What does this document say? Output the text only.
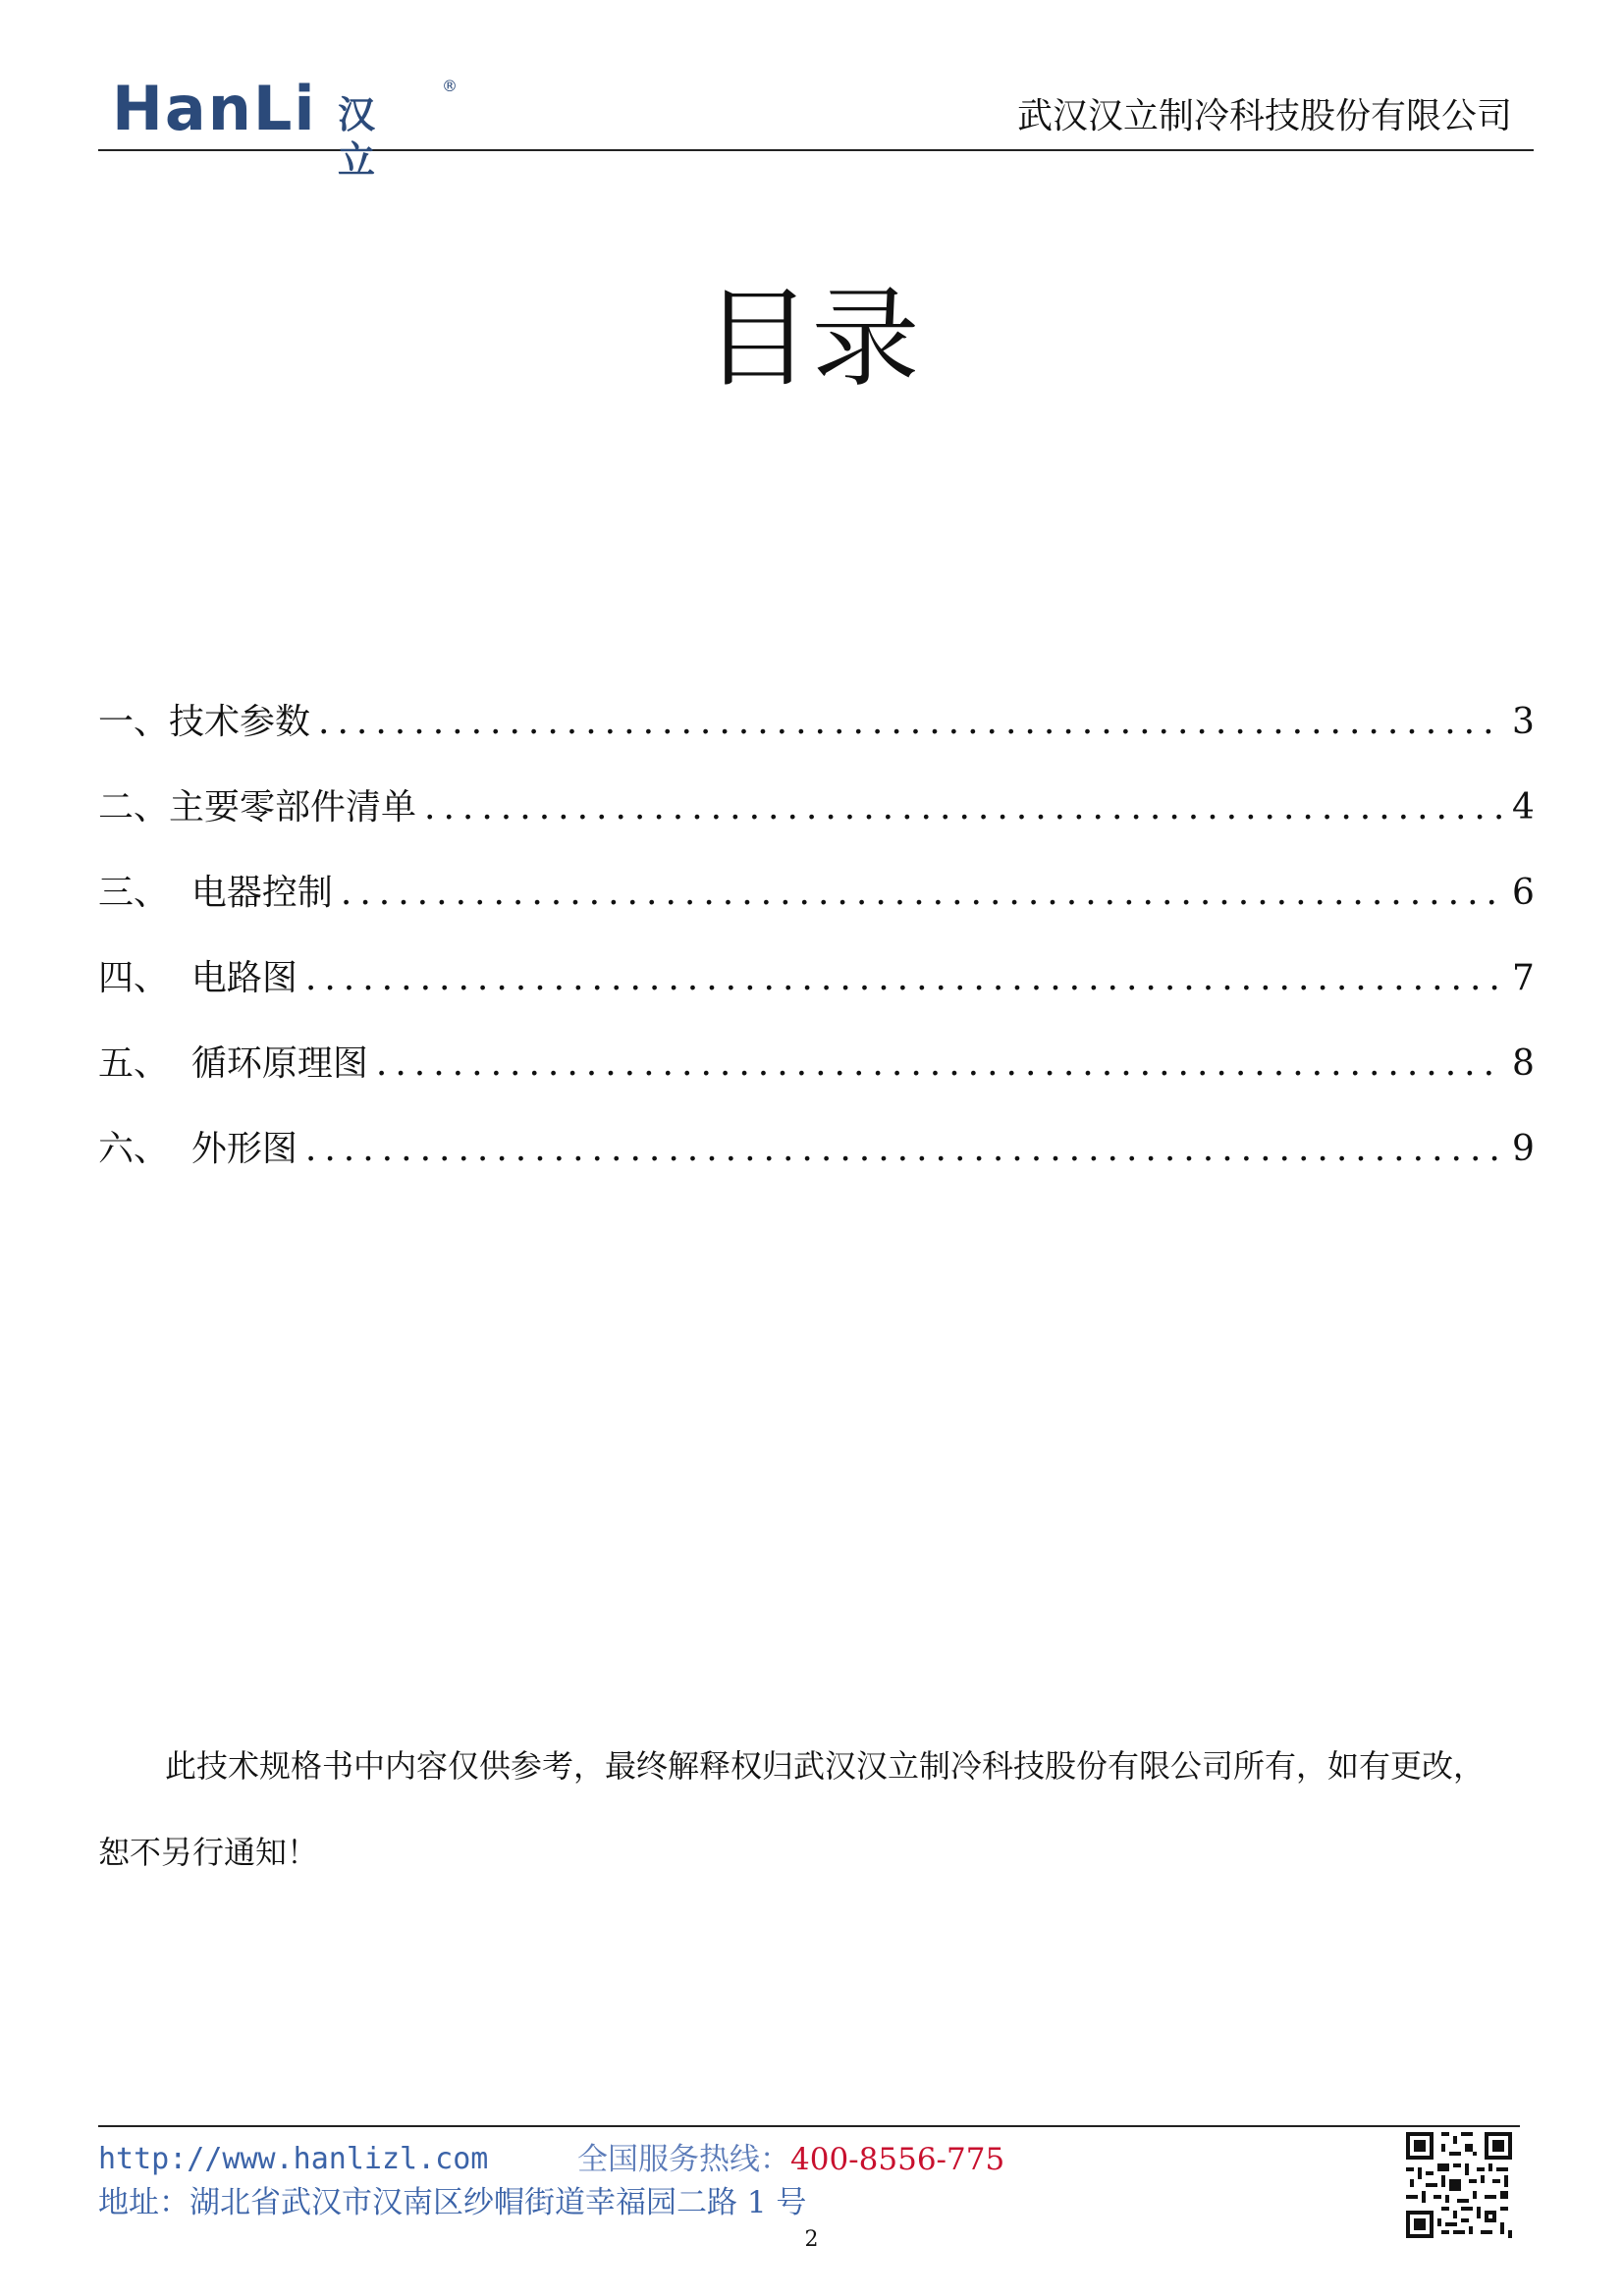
HanLi 汉立
®
武汉汉立制冷科技股份有限公司
目录
一、 技术参数 .....	3
二、 主要零部件清单 .....	4
三、 电器控制 .....	6
四、 电路图 .....	7
五、 循环原理图 .....	8
六、 外形图 .....	9

此技术规格书中内容仅供参考，最终解释权归武汉汉立制冷科技股份有限公司所有，如有更改，

恕不另行通知！
http://www.hanlizl.com	全国服务热线：400-8556-775
地址：湖北省武汉市汉南区纱帽街道幸福园二路 1 号
2
